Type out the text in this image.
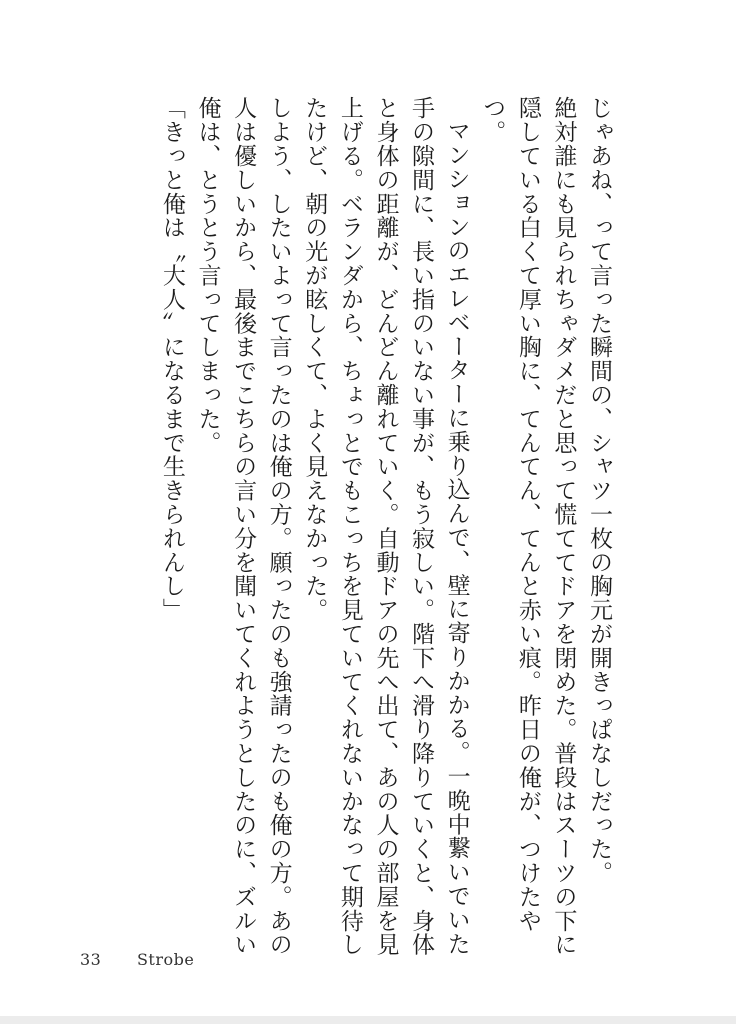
じゃあね、って言った瞬間の、シャツ一枚の胸元が開きっぱなしだった。

絶対誰にも見られちゃダメだと思って慌ててドアを閉めた。普段はスーツの下に隠している白くて厚い胸に、てんてん、てんと赤い痕。昨日の俺が、つけたやつ。

マンションのエレベーターに乗り込んで、壁に寄りかかる。一晩中繋いでいた手の隙間に、長い指のいない事が、もう寂しい。階下へ滑り降りていくと、身体と身体の距離が、どんどん離れていく。自動ドアの先へ出て、あの人の部屋を見上げる。ベランダから、ちょっとでもこっちを見ていてくれないかなって期待したけど、朝の光が眩しくて、よく見えなかった。

しよう、したいよって言ったのは俺の方。願ったのも強請ったのも俺の方。あの人は優しいから、最後までこちらの言い分を聞いてくれようとしたのに、ズルい俺は、とうとう言ってしまった。

「きっと俺は〝大人〟になるまで生きられんし」

33 Strobe
